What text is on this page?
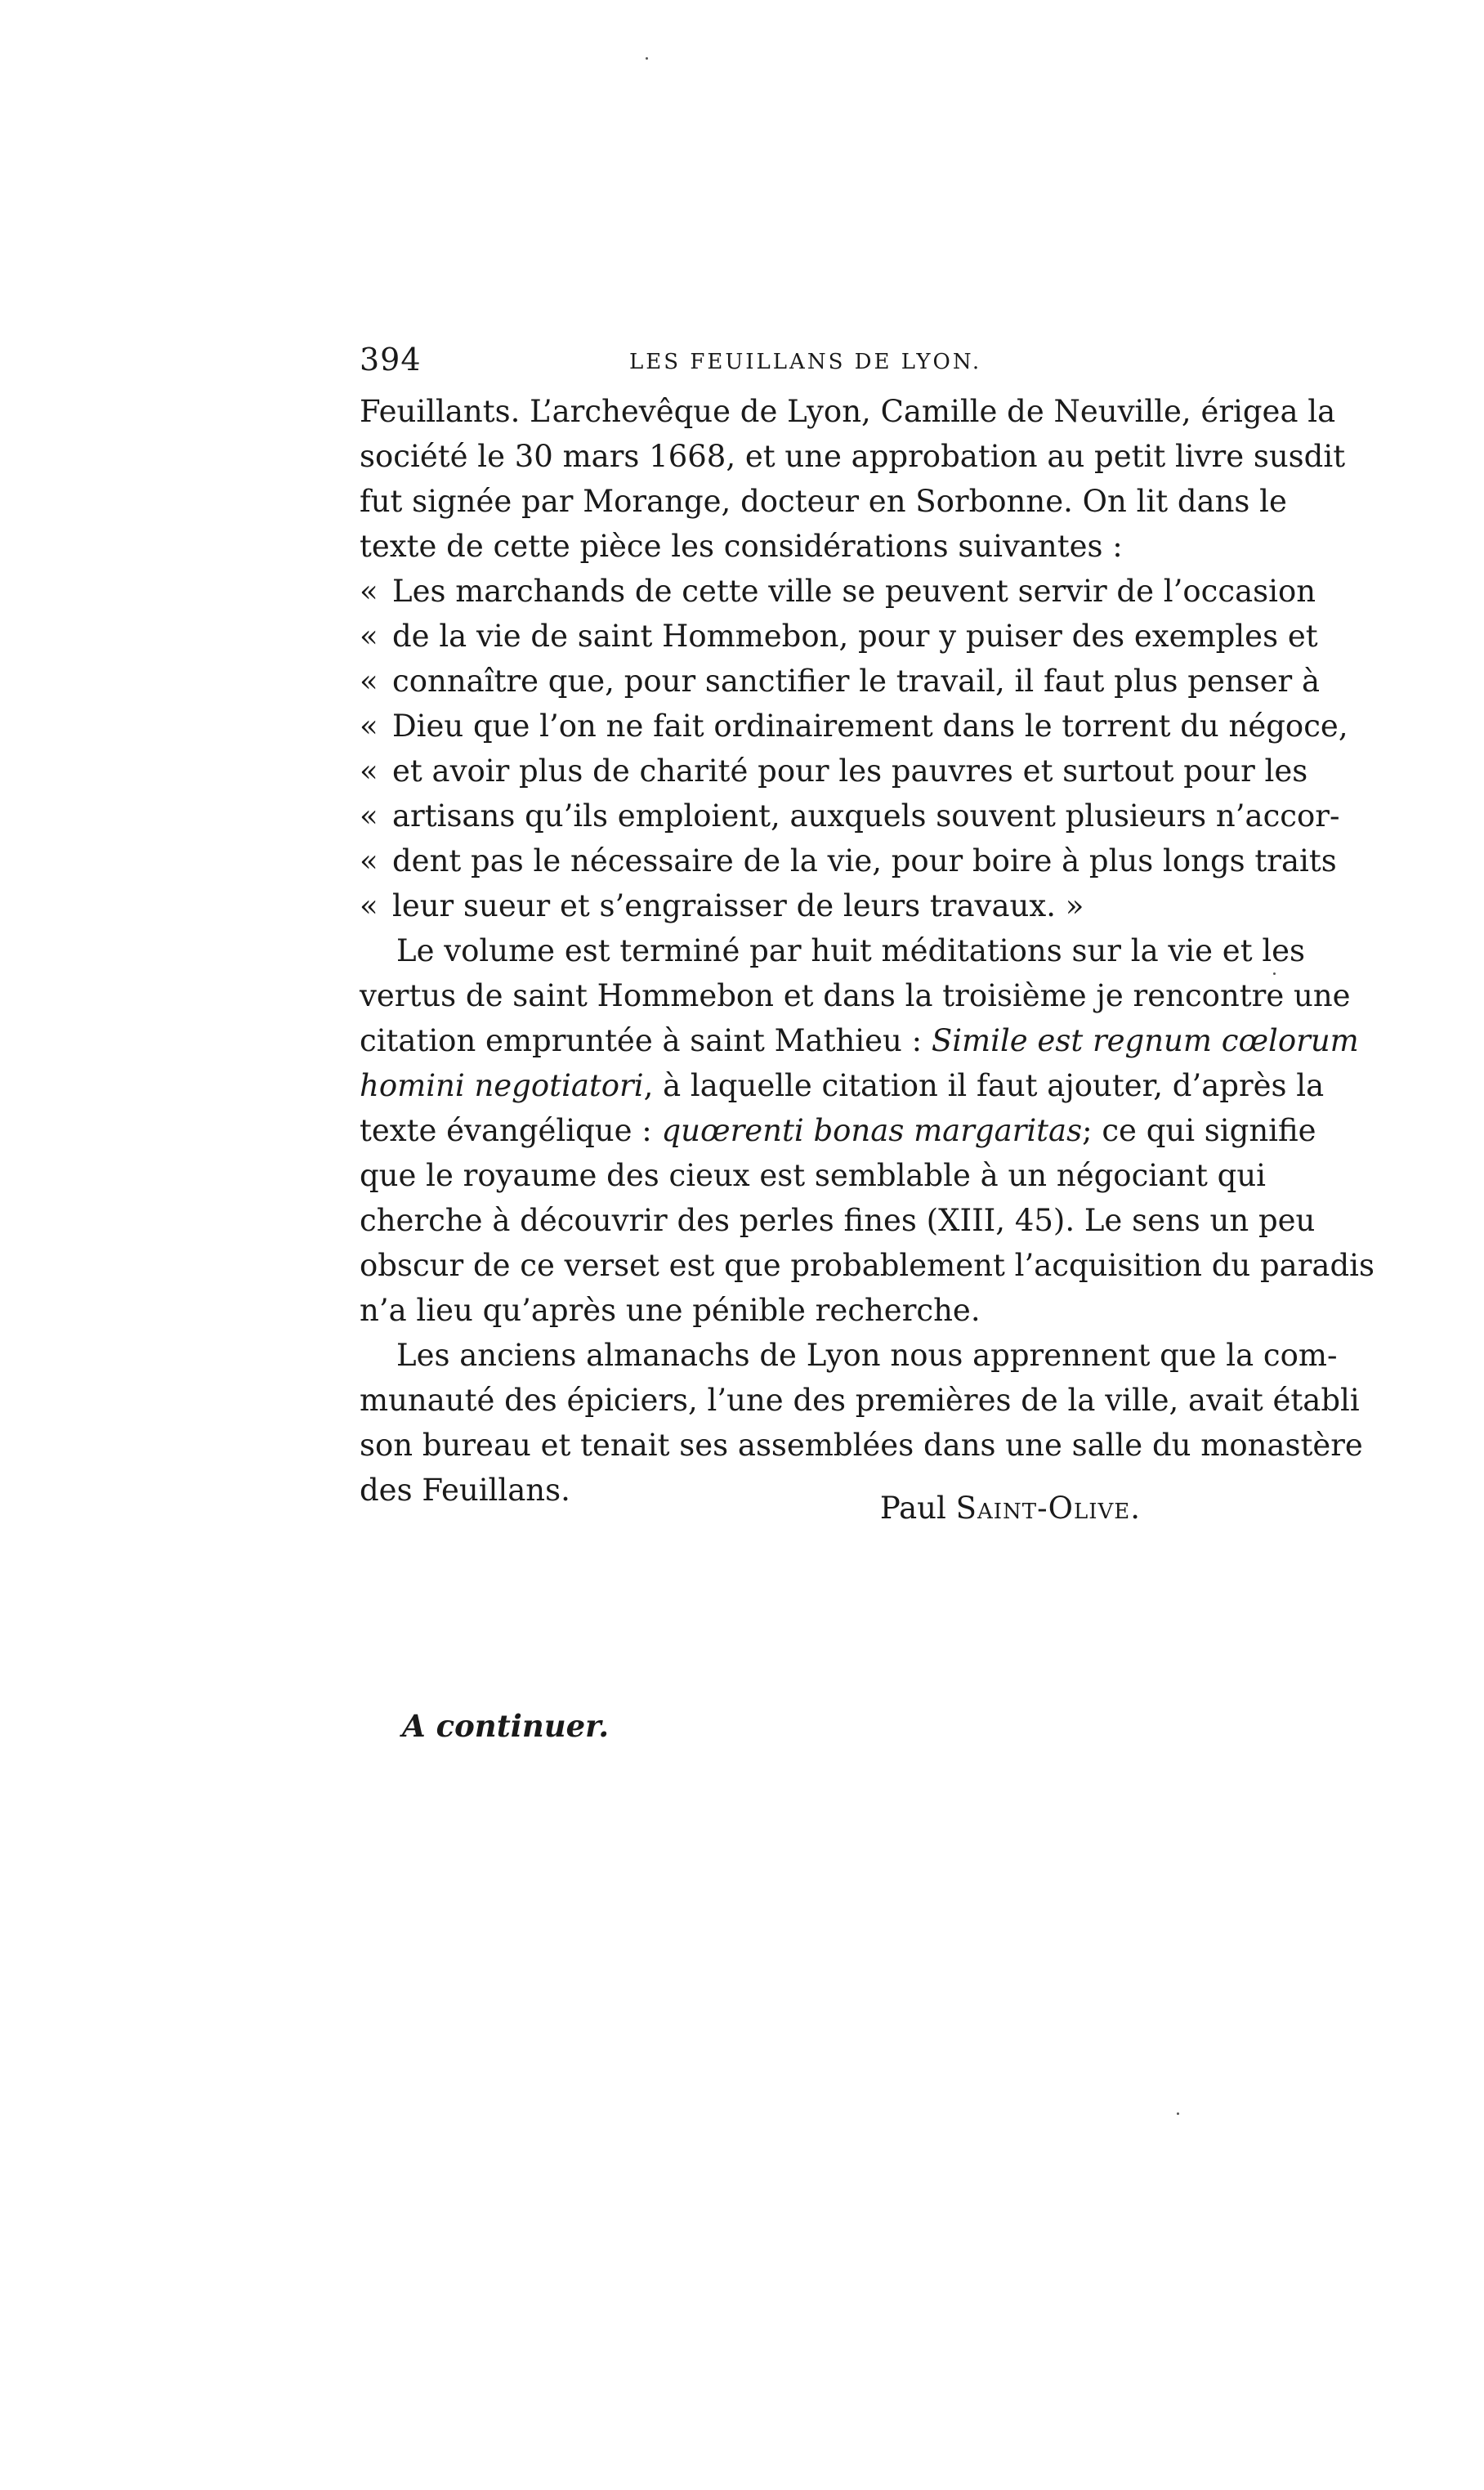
394	LES FEUILLANS DE LYON.
Feuillants. L’archevêque de Lyon, Camille de Neuville, érigea la
société le 30 mars 1668, et une approbation au petit livre susdit
fut signée par Morange, docteur en Sorbonne. On lit dans le
texte de cette pièce les considérations suivantes :
« Les marchands de cette ville se peuvent servir de l’occasion
« de la vie de saint Hommebon, pour y puiser des exemples et
« connaître que, pour sanctifier le travail, il faut plus penser à
« Dieu que l’on ne fait ordinairement dans le torrent du négoce,
« et avoir plus de charité pour les pauvres et surtout pour les
« artisans qu’ils emploient, auxquels souvent plusieurs n’accor-
« dent pas le nécessaire de la vie, pour boire à plus longs traits
« leur sueur et s’engraisser de leurs travaux. »
Le volume est terminé par huit méditations sur la vie et les
vertus de saint Hommebon et dans la troisième je rencontre une
citation empruntée à saint Mathieu : Simile est regnum cœlorum
homini negotiatori, à laquelle citation il faut ajouter, d’après la
texte évangélique : quœrenti bonas margaritas; ce qui signifie
que le royaume des cieux est semblable à un négociant qui
cherche à découvrir des perles fines (XIII, 45). Le sens un peu
obscur de ce verset est que probablement l’acquisition du paradis
n’a lieu qu’après une pénible recherche.
Les anciens almanachs de Lyon nous apprennent que la com-
munauté des épiciers, l’une des premières de la ville, avait établi
son bureau et tenait ses assemblées dans une salle du monastère
des Feuillans.
Paul Saint-Olive.
A continuer.
